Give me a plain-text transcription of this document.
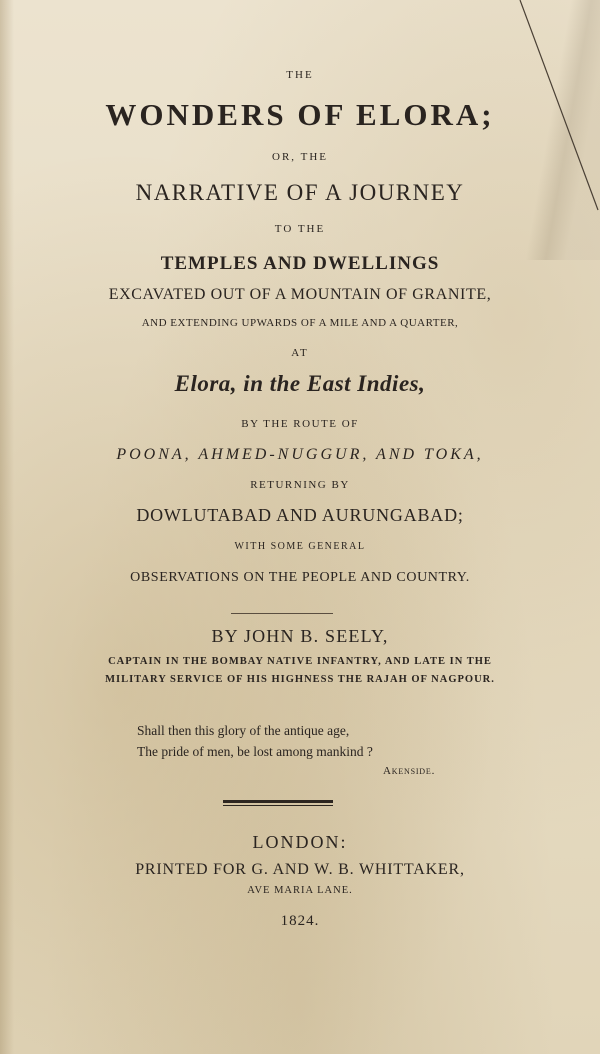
THE
WONDERS OF ELORA;
OR, THE
NARRATIVE OF A JOURNEY
TO THE
TEMPLES AND DWELLINGS
EXCAVATED OUT OF A MOUNTAIN OF GRANITE,
AND EXTENDING UPWARDS OF A MILE AND A QUARTER,
AT
Elora, in the East Indies,
BY THE ROUTE OF
POONA, AHMED-NUGGUR, AND TOKA,
RETURNING BY
DOWLUTABAD AND AURUNGABAD;
WITH SOME GENERAL
OBSERVATIONS ON THE PEOPLE AND COUNTRY.
BY JOHN B. SEELY,
CAPTAIN IN THE BOMBAY NATIVE INFANTRY, AND LATE IN THE
MILITARY SERVICE OF HIS HIGHNESS THE RAJAH OF NAGPOUR.
Shall then this glory of the antique age,
The pride of men, be lost among mankind ?
Akenside.
LONDON:
PRINTED FOR G. AND W. B. WHITTAKER,
AVE MARIA LANE.
1824.
